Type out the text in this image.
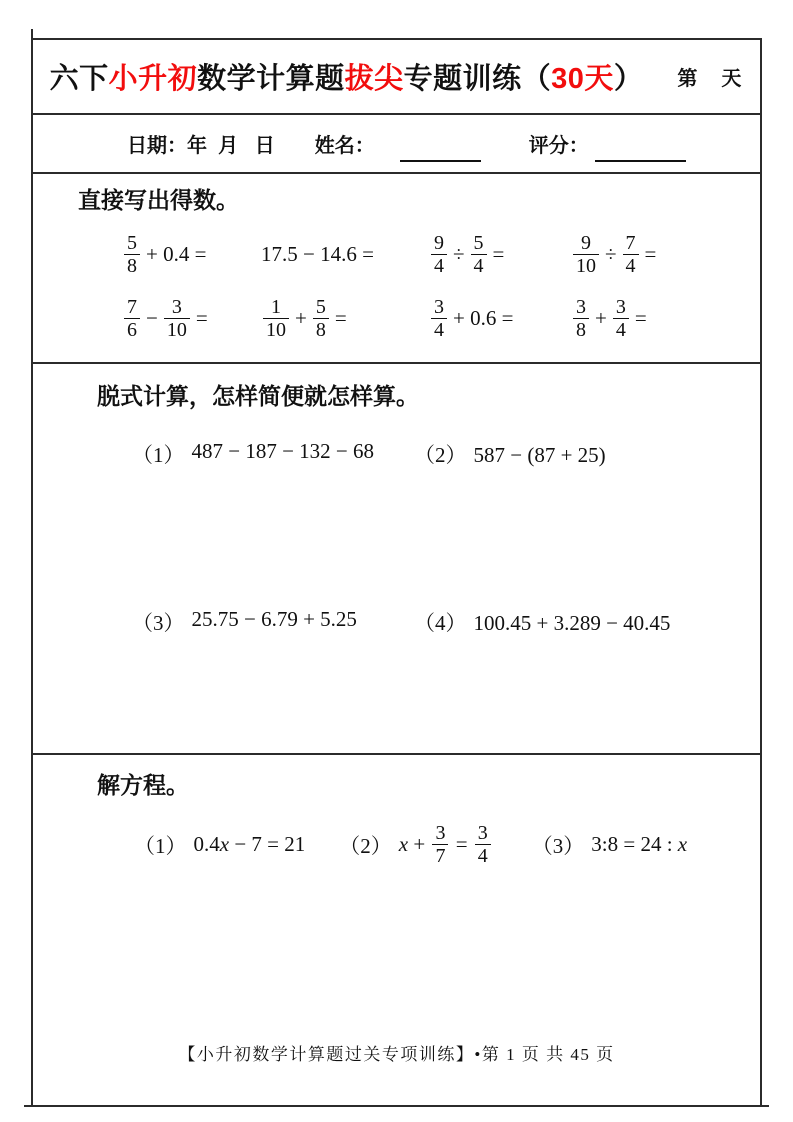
六下小升初数学计算题拔尖专题训练（30天） 第　天
日期：年  月   日 姓名：	评分：
直接写出得数。
$\frac{5}{8} + 0.4$ =	17.5 − 14.6 =	$\frac{9}{4} \div \frac{5}{4}$ =	$\frac{9}{10} \div \frac{7}{4}$ =
$\frac{7}{6} - \frac{3}{10}$ =	$\frac{1}{10} + \frac{5}{8}$ =	$\frac{3}{4} + 0.6$ =	$\frac{3}{8} + \frac{3}{4}$ =
脱式计算，怎样简便就怎样算。
（1） 487 − 187 − 132 − 68 （2） 587 − (87 + 25)
（3） 25.75 − 6.79 + 5.25	（4） 100.45 + 3.289 − 40.45
解方程。
（1） 0.4 x − 7 = 21 （2） $x + \frac{3}{7} = \frac{3}{4} (3)$ 3:8 = 24 : x
【小升初数学计算题过关专项训练】•第 1 页 共 45 页
